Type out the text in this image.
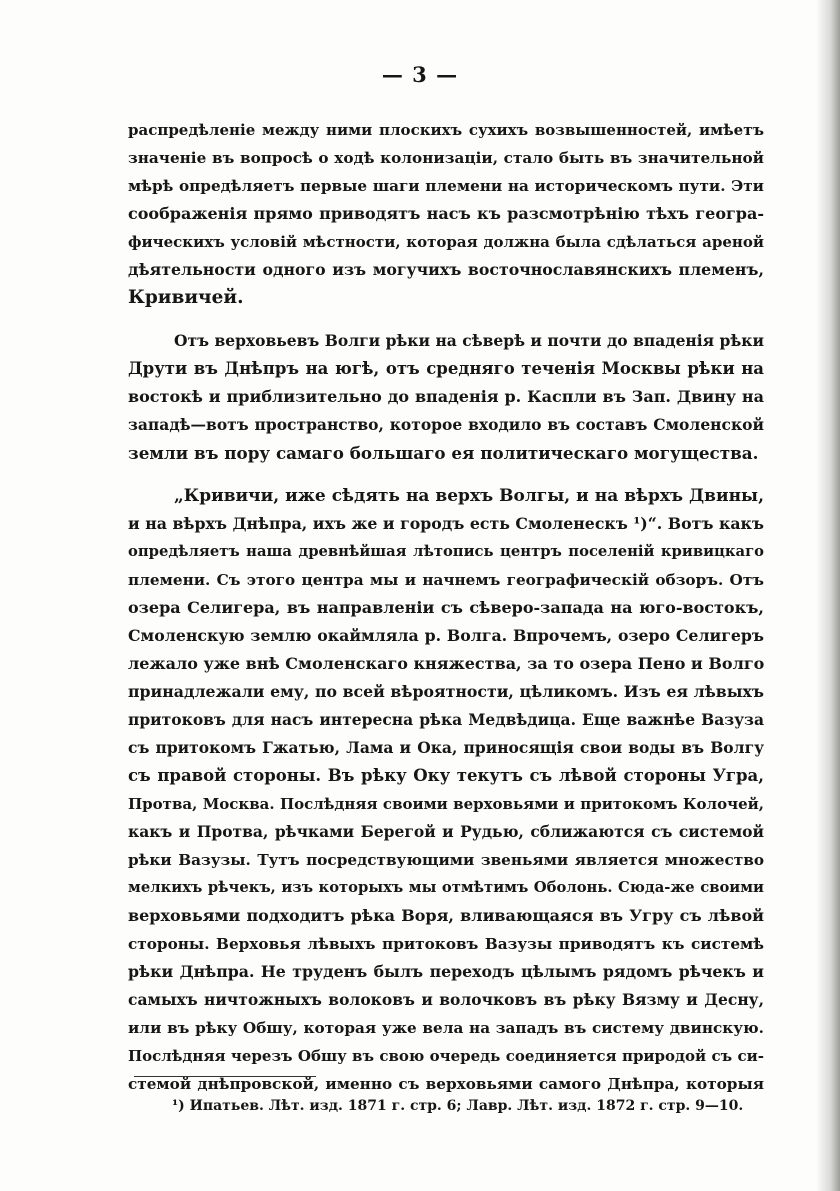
— 3 —
распредѣленіе между ними плоскихъ сухихъ возвышенностей, имѣетъ
значеніе въ вопросѣ о ходѣ колонизаціи, стало быть въ значительной
мѣрѣ опредѣляетъ первые шаги племени на историческомъ пути. Эти
соображенія прямо приводятъ насъ къ разсмотрѣнію тѣхъ геогра-
фическихъ условій мѣстности, которая должна была сдѣлаться ареной
дѣятельности одного изъ могучихъ восточнославянскихъ племенъ,
Кривичей.
Отъ верховьевъ Волги рѣки на сѣверѣ и почти до впаденія рѣки
Друти въ Днѣпръ на югѣ, отъ средняго теченія Москвы рѣки на
востокѣ и приблизительно до впаденія р. Каспли въ Зап. Двину на
западѣ—вотъ пространство, которое входило въ составъ Смоленской
земли въ пору самаго большаго ея политическаго могущества.
„Кривичи, иже сѣдять на верхъ Волгы, и на вѣрхъ Двины,
и на вѣрхъ Днѣпра, ихъ же и городъ есть Смоленескъ ¹)“. Вотъ какъ
опредѣляетъ наша древнѣйшая лѣтопись центръ поселеній кривицкаго
племени. Съ этого центра мы и начнемъ географическій обзоръ. Отъ
озера Селигера, въ направленіи съ сѣверо-запада на юго-востокъ,
Смоленскую землю окаймляла р. Волга. Впрочемъ, озеро Селигеръ
лежало уже внѣ Смоленскаго княжества, за то озера Пено и Волго
принадлежали ему, по всей вѣроятности, цѣликомъ. Изъ ея лѣвыхъ
притоковъ для насъ интересна рѣка Медвѣдица. Еще важнѣе Вазуза
съ притокомъ Гжатью, Лама и Ока, приносящія свои воды въ Волгу
съ правой стороны. Въ рѣку Оку текутъ съ лѣвой стороны Угра,
Протва, Москва. Послѣдняя своими верховьями и притокомъ Колочей,
какъ и Протва, рѣчками Берегой и Рудью, сближаются съ системой
рѣки Вазузы. Тутъ посредствующими звеньями является множество
мелкихъ рѣчекъ, изъ которыхъ мы отмѣтимъ Оболонь. Сюда-же своими
верховьями подходитъ рѣка Воря, вливающаяся въ Угру съ лѣвой
стороны. Верховья лѣвыхъ притоковъ Вазузы приводятъ къ системѣ
рѣки Днѣпра. Не труденъ былъ переходъ цѣлымъ рядомъ рѣчекъ и
самыхъ ничтожныхъ волоковъ и волочковъ въ рѣку Вязму и Десну,
или въ рѣку Обшу, которая уже вела на западъ въ систему двинскую.
Послѣдняя черезъ Обшу въ свою очередь соединяется природой съ си-
стемой днѣпровской, именно съ верховьями самого Днѣпра, которыя
¹) Ипатьев. Лѣт. изд. 1871 г. стр. 6; Лавр. Лѣт. изд. 1872 г. стр. 9—10.
